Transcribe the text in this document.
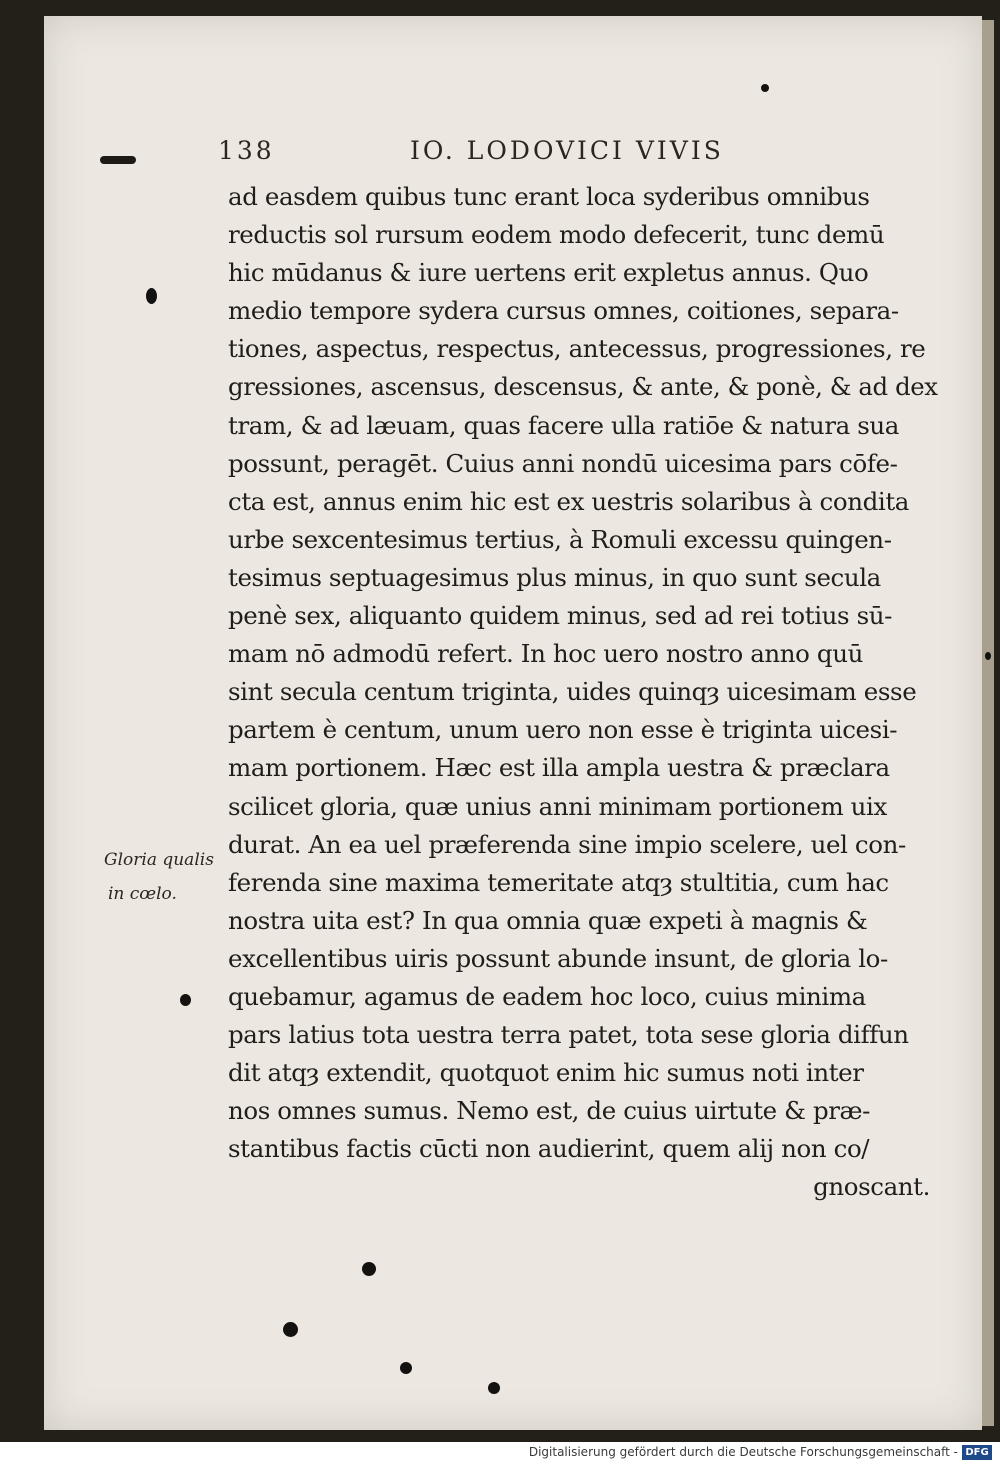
138	IO. LODOVICI VIVIS
Gloria qualis
in cœlo.
ad easdem quibus tunc erant loca syderibus omnibus
reductis sol rursum eodem modo defecerit, tunc demū
hic mūdanus & iure uertens erit expletus annus. Quo
medio tempore sydera cursus omnes, coitiones, separa-
tiones, aspectus, respectus, antecessus, progressiones, re
gressiones, ascensus, descensus, & ante, & ponè, & ad dex
tram, & ad læuam, quas facere ulla ratiōe & natura sua
possunt, peragēt. Cuius anni nondū uicesima pars cōfe-
cta est, annus enim hic est ex uestris solaribus à condita
urbe sexcentesimus tertius, à Romuli excessu quingen-
tesimus septuagesimus plus minus, in quo sunt secula
penè sex, aliquanto quidem minus, sed ad rei totius sū-
mam nō admodū refert. In hoc uero nostro anno quū
sint secula centum triginta, uides quinqȝ uicesimam esse
partem è centum, unum uero non esse è triginta uicesi-
mam portionem. Hæc est illa ampla uestra & præclara
scilicet gloria, quæ unius anni minimam portionem uix
durat. An ea uel præferenda sine impio scelere, uel con-
ferenda sine maxima temeritate atqȝ stultitia, cum hac
nostra uita est? In qua omnia quæ expeti à magnis &
excellentibus uiris possunt abunde insunt, de gloria lo-
quebamur, agamus de eadem hoc loco, cuius minima
pars latius tota uestra terra patet, tota sese gloria diffun
dit atqȝ extendit, quotquot enim hic sumus noti inter
nos omnes sumus. Nemo est, de cuius uirtute & præ-
stantibus factis cūcti non audierint, quem alij non co/
gnoscant.
Digitalisierung gefördert durch die Deutsche Forschungsgemeinschaft - DFG
